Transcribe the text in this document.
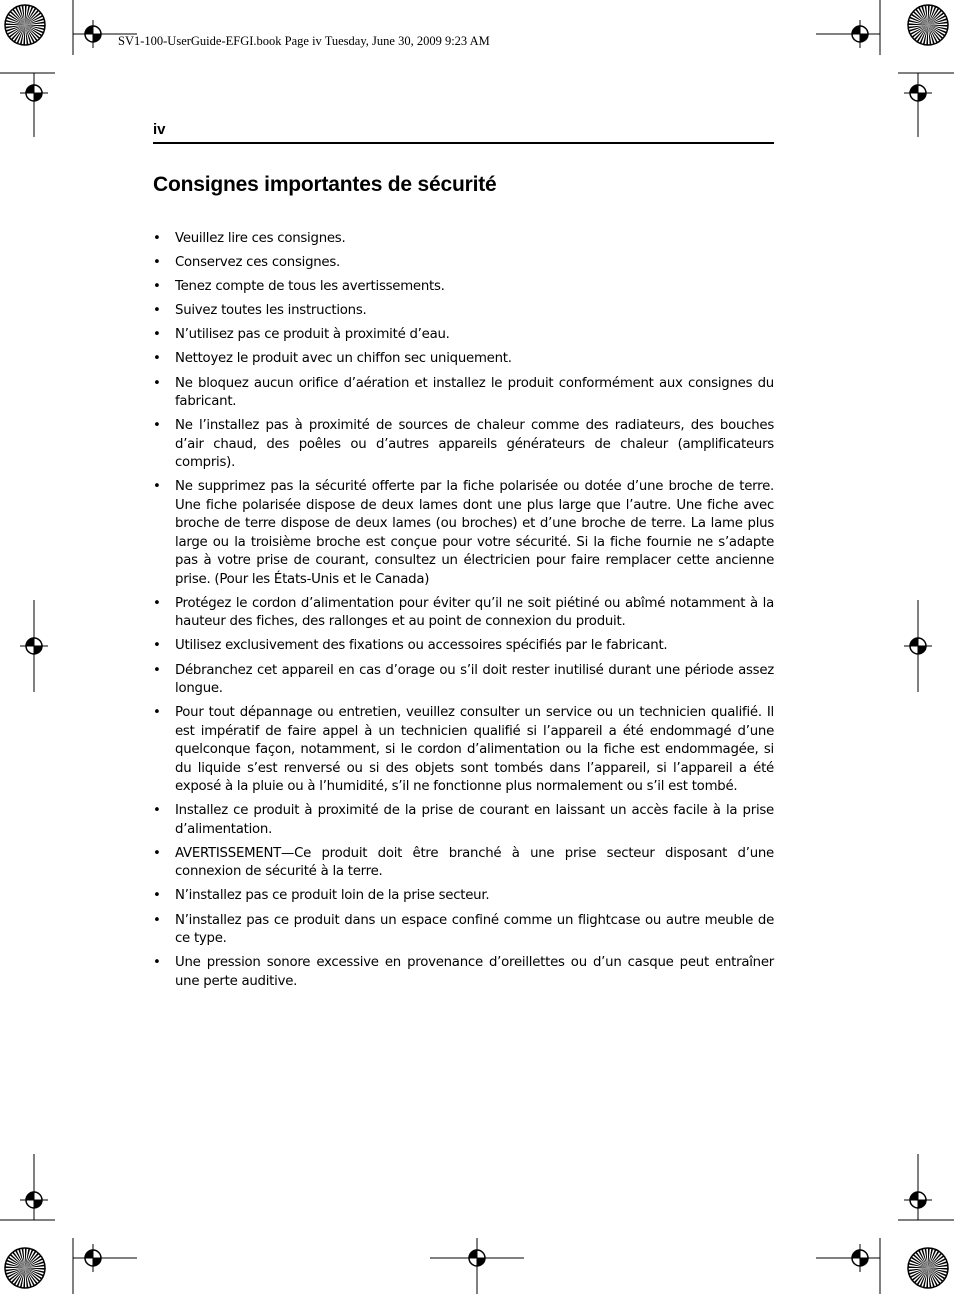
SV1-100-UserGuide-EFGI.book Page iv Tuesday, June 30, 2009 9:23 AM
iv
Consignes importantes de sécurité
• Veuillez lire ces consignes.
• Conservez ces consignes.
• Tenez compte de tous les avertissements.
• Suivez toutes les instructions.
• N’utilisez pas ce produit à proximité d’eau.
• Nettoyez le produit avec un chiffon sec uniquement.
• Ne bloquez aucun orifice d’aération et installez le produit conformément aux consignes du fabricant.
• Ne l’installez pas à proximité de sources de chaleur comme des radiateurs, des bouches d’air chaud, des poêles ou d’autres appareils générateurs de chaleur (amplificateurs compris).
• Ne supprimez pas la sécurité offerte par la fiche polarisée ou dotée d’une broche de terre. Une fiche polarisée dispose de deux lames dont une plus large que l’autre. Une fiche avec broche de terre dispose de deux lames (ou broches) et d’une broche de terre. La lame plus large ou la troisième broche est conçue pour votre sécurité. Si la fiche fournie ne s’adapte pas à votre prise de courant, consultez un électricien pour faire remplacer cette ancienne prise. (Pour les États-Unis et le Canada)
• Protégez le cordon d’alimentation pour éviter qu’il ne soit piétiné ou abîmé notamment à la hauteur des fiches, des rallonges et au point de connexion du produit.
• Utilisez exclusivement des fixations ou accessoires spécifiés par le fabricant.
• Débranchez cet appareil en cas d’orage ou s’il doit rester inutilisé durant une période assez longue.
• Pour tout dépannage ou entretien, veuillez consulter un service ou un technicien qualifié. Il est impératif de faire appel à un technicien qualifié si l’appareil a été endommagé d’une quelconque façon, notamment, si le cordon d’alimentation ou la fiche est endommagée, si du liquide s’est renversé ou si des objets sont tombés dans l’appareil, si l’appareil a été exposé à la pluie ou à l’humidité, s’il ne fonctionne plus normalement ou s’il est tombé.
• Installez ce produit à proximité de la prise de courant en laissant un accès facile à la prise d’alimentation.
• AVERTISSEMENT—Ce produit doit être branché à une prise secteur disposant d’une connexion de sécurité à la terre.
• N’installez pas ce produit loin de la prise secteur.
• N’installez pas ce produit dans un espace confiné comme un flightcase ou autre meuble de ce type.
• Une pression sonore excessive en provenance d’oreillettes ou d’un casque peut entraîner une perte auditive.
